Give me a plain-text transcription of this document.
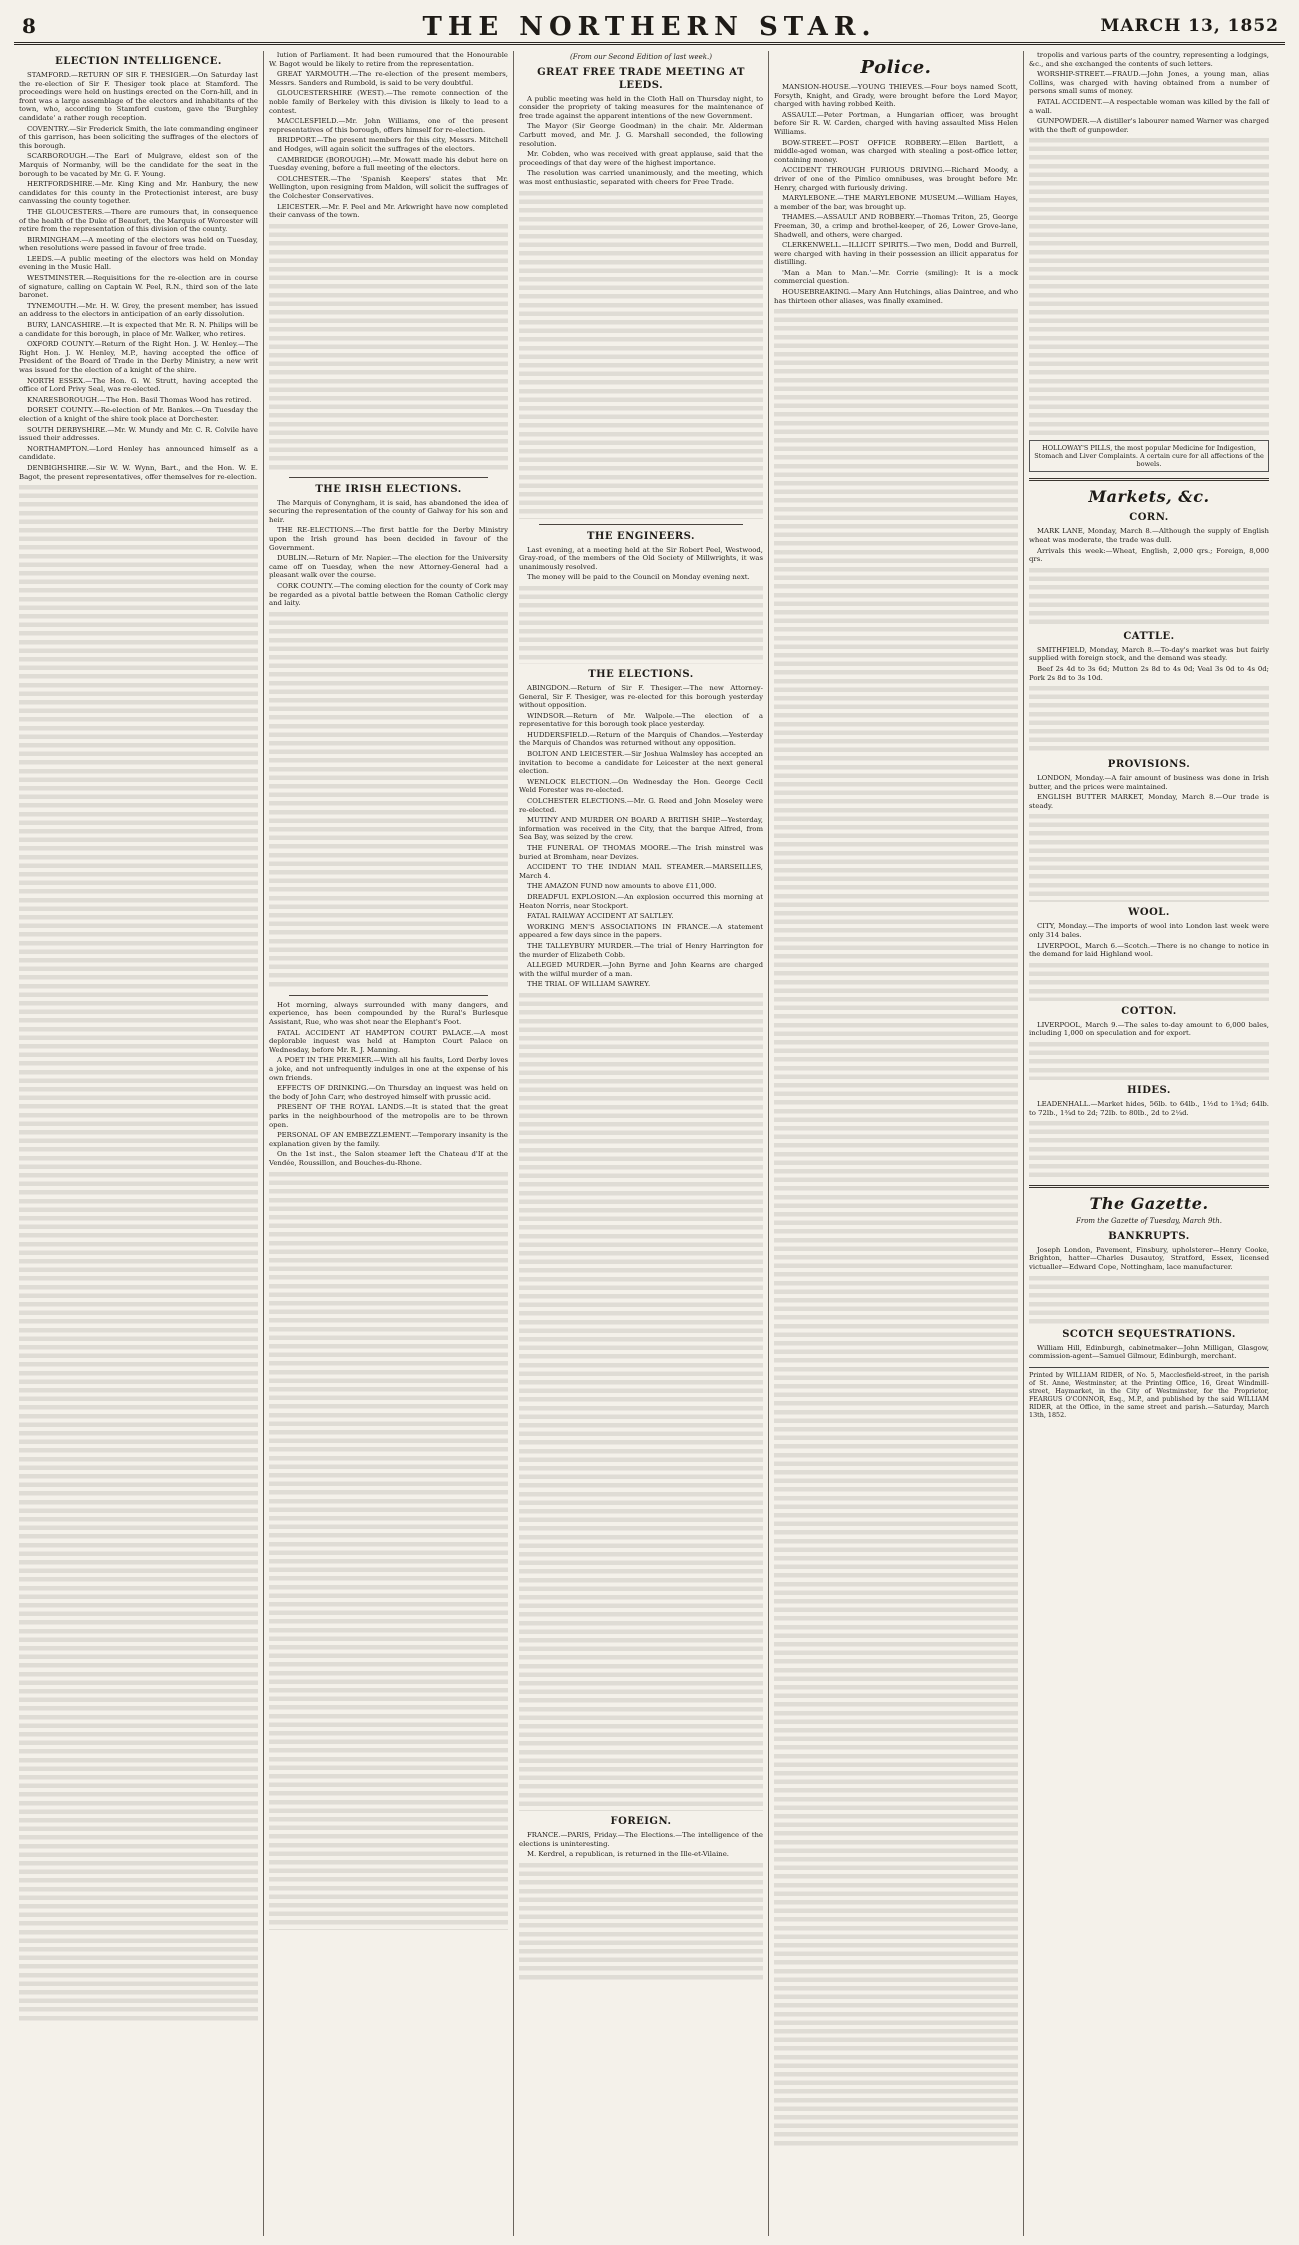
8	THE NORTHERN STAR.	MARCH 13, 1852
ELECTION INTELLIGENCE.

STAMFORD.—RETURN OF SIR F. THESIGER.—On Saturday last the re-election of Sir F. Thesiger took place at Stamford. The proceedings were held on hustings erected on the Corn-hill, and in front was a large assemblage of the electors and inhabitants of the town, who, according to Stamford custom, gave the 'Burghley candidate' a rather rough reception.

COVENTRY.—Sir Frederick Smith, the late commanding engineer of this garrison, has been soliciting the suffrages of the electors of this borough.

SCARBOROUGH.—The Earl of Mulgrave, eldest son of the Marquis of Normanby, will be the candidate for the seat in the borough to be vacated by Mr. G. F. Young.

HERTFORDSHIRE.—Mr. King King and Mr. Hanbury, the new candidates for this county in the Protectionist interest, are busy canvassing the county together.

THE GLOUCESTERS.—There are rumours that, in consequence of the health of the Duke of Beaufort, the Marquis of Worcester will retire from the representation of this division of the county.

BIRMINGHAM.—A meeting of the electors was held on Tuesday, when resolutions were passed in favour of free trade.

LEEDS.—A public meeting of the electors was held on Monday evening in the Music Hall.

WESTMINSTER.—Requisitions for the re-election are in course of signature, calling on Captain W. Peel, R.N., third son of the late baronet.

TYNEMOUTH.—Mr. H. W. Grey, the present member, has issued an address to the electors in anticipation of an early dissolution.

BURY, LANCASHIRE.—It is expected that Mr. R. N. Philips will be a candidate for this borough, in place of Mr. Walker, who retires.

OXFORD COUNTY.—Return of the Right Hon. J. W. Henley.—The Right Hon. J. W. Henley, M.P., having accepted the office of President of the Board of Trade in the Derby Ministry, a new writ was issued for the election of a knight of the shire.

NORTH ESSEX.—The Hon. G. W. Strutt, having accepted the office of Lord Privy Seal, was re-elected.

KNARESBOROUGH.—The Hon. Basil Thomas Wood has retired.

DORSET COUNTY.—Re-election of Mr. Bankes.—On Tuesday the election of a knight of the shire took place at Dorchester.

SOUTH DERBYSHIRE.—Mr. W. Mundy and Mr. C. R. Colvile have issued their addresses.

NORTHAMPTON.—Lord Henley has announced himself as a candidate.

DENBIGHSHIRE.—Sir W. W. Wynn, Bart., and the Hon. W. E. Bagot, the present representatives, offer themselves for re-election.

lution of Parliament. It had been rumoured that the Honourable W. Bagot would be likely to retire from the representation.

GREAT YARMOUTH.—The re-election of the present members, Messrs. Sanders and Rumbold, is said to be very doubtful.

GLOUCESTERSHIRE (WEST).—The remote connection of the noble family of Berkeley with this division is likely to lead to a contest.

MACCLESFIELD.—Mr. John Williams, one of the present representatives of this borough, offers himself for re-election.

BRIDPORT.—The present members for this city, Messrs. Mitchell and Hodges, will again solicit the suffrages of the electors.

CAMBRIDGE (BOROUGH).—Mr. Mowatt made his debut here on Tuesday evening, before a full meeting of the electors.

COLCHESTER.—The 'Spanish Keepers' states that Mr. Wellington, upon resigning from Maldon, will solicit the suffrages of the Colchester Conservatives.

LEICESTER.—Mr. F. Peel and Mr. Arkwright have now completed their canvass of the town.

THE IRISH ELECTIONS.

The Marquis of Conyngham, it is said, has abandoned the idea of securing the representation of the county of Galway for his son and heir.

THE RE-ELECTIONS.—The first battle for the Derby Ministry upon the Irish ground has been decided in favour of the Government.

DUBLIN.—Return of Mr. Napier.—The election for the University came off on Tuesday, when the new Attorney-General had a pleasant walk over the course.

CORK COUNTY.—The coming election for the county of Cork may be regarded as a pivotal battle between the Roman Catholic clergy and laity.

Hot morning, always surrounded with many dangers, and experience, has been compounded by the Rural's Burlesque Assistant, Rue, who was shot near the Elephant's Foot.

FATAL ACCIDENT AT HAMPTON COURT PALACE.—A most deplorable inquest was held at Hampton Court Palace on Wednesday, before Mr. R. J. Manning.

A POET IN THE PREMIER.—With all his faults, Lord Derby loves a joke, and not unfrequently indulges in one at the expense of his own friends.

EFFECTS OF DRINKING.—On Thursday an inquest was held on the body of John Carr, who destroyed himself with prussic acid.

PRESENT OF THE ROYAL LANDS.—It is stated that the great parks in the neighbourhood of the metropolis are to be thrown open.

PERSONAL OF AN EMBEZZLEMENT.—Temporary insanity is the explanation given by the family.

On the 1st inst., the Salon steamer left the Chateau d'If at the Vendée, Roussillon, and Bouches-du-Rhone.

(From our Second Edition of last week.)
GREAT FREE TRADE MEETING AT LEEDS.

A public meeting was held in the Cloth Hall on Thursday night, to consider the propriety of taking measures for the maintenance of free trade against the apparent intentions of the new Government.

The Mayor (Sir George Goodman) in the chair. Mr. Alderman Carbutt moved, and Mr. J. G. Marshall seconded, the following resolution.

Mr. Cobden, who was received with great applause, said that the proceedings of that day were of the highest importance.

The resolution was carried unanimously, and the meeting, which was most enthusiastic, separated with cheers for Free Trade.

THE ENGINEERS.

Last evening, at a meeting held at the Sir Robert Peel, Westwood, Gray-road, of the members of the Old Society of Millwrights, it was unanimously resolved.

The money will be paid to the Council on Monday evening next.

THE ELECTIONS.

ABINGDON.—Return of Sir F. Thesiger.—The new Attorney-General, Sir F. Thesiger, was re-elected for this borough yesterday without opposition.

WINDSOR.—Return of Mr. Walpole.—The election of a representative for this borough took place yesterday.

HUDDERSFIELD.—Return of the Marquis of Chandos.—Yesterday the Marquis of Chandos was returned without any opposition.

BOLTON AND LEICESTER.—Sir Joshua Walmsley has accepted an invitation to become a candidate for Leicester at the next general election.

WENLOCK ELECTION.—On Wednesday the Hon. George Cecil Weld Forester was re-elected.

COLCHESTER ELECTIONS.—Mr. G. Reed and John Moseley were re-elected.

MUTINY AND MURDER ON BOARD A BRITISH SHIP.—Yesterday, information was received in the City, that the barque Alfred, from Sea Bay, was seized by the crew.

THE FUNERAL OF THOMAS MOORE.—The Irish minstrel was buried at Bromham, near Devizes.

ACCIDENT TO THE INDIAN MAIL STEAMER.—MARSEILLES, March 4.

THE AMAZON FUND now amounts to above £11,000.

DREADFUL EXPLOSION.—An explosion occurred this morning at Heaton Norris, near Stockport.

FATAL RAILWAY ACCIDENT AT SALTLEY.

WORKING MEN'S ASSOCIATIONS IN FRANCE.—A statement appeared a few days since in the papers.

THE TALLEYBURY MURDER.—The trial of Henry Harrington for the murder of Elizabeth Cobb.

ALLEGED MURDER.—John Byrne and John Kearns are charged with the wilful murder of a man.

THE TRIAL OF WILLIAM SAWREY.

FOREIGN.

FRANCE.—PARIS, Friday.—The Elections.—The intelligence of the elections is uninteresting.

M. Kerdrel, a republican, is returned in the Ille-et-Vilaine.

Police.

MANSION-HOUSE.—YOUNG THIEVES.—Four boys named Scott, Forsyth, Knight, and Grady, were brought before the Lord Mayor, charged with having robbed Keith.

ASSAULT.—Peter Portman, a Hungarian officer, was brought before Sir R. W. Carden, charged with having assaulted Miss Helen Williams.

BOW-STREET.—POST OFFICE ROBBERY.—Ellen Bartlett, a middle-aged woman, was charged with stealing a post-office letter, containing money.

ACCIDENT THROUGH FURIOUS DRIVING.—Richard Moody, a driver of one of the Pimlico omnibuses, was brought before Mr. Henry, charged with furiously driving.

MARYLEBONE.—THE MARYLEBONE MUSEUM.—William Hayes, a member of the bar, was brought up.

THAMES.—ASSAULT AND ROBBERY.—Thomas Triton, 25, George Freeman, 30, a crimp and brothel-keeper, of 26, Lower Grove-lane, Shadwell, and others, were charged.

CLERKENWELL.—ILLICIT SPIRITS.—Two men, Dodd and Burrell, were charged with having in their possession an illicit apparatus for distilling.

'Man a Man to Man.'—Mr. Corrie (smiling): It is a mock commercial question.

HOUSEBREAKING.—Mary Ann Hutchings, alias Daintree, and who has thirteen other aliases, was finally examined.

tropolis and various parts of the country, representing a lodgings, &c., and she exchanged the contents of such letters.

WORSHIP-STREET.—FRAUD.—John Jones, a young man, alias Collins, was charged with having obtained from a number of persons small sums of money.

FATAL ACCIDENT.—A respectable woman was killed by the fall of a wall.

GUNPOWDER.—A distiller's labourer named Warner was charged with the theft of gunpowder.

HOLLOWAY'S PILLS, the most popular Medicine for Indigestion, Stomach and Liver Complaints. A certain cure for all affections of the bowels.
Markets, &c.
CORN.

MARK LANE, Monday, March 8.—Although the supply of English wheat was moderate, the trade was dull.

Arrivals this week:—Wheat, English, 2,000 qrs.; Foreign, 8,000 qrs.

CATTLE.

SMITHFIELD, Monday, March 8.—To-day's market was but fairly supplied with foreign stock, and the demand was steady.

Beef 2s 4d to 3s 6d; Mutton 2s 8d to 4s 0d; Veal 3s 0d to 4s 0d; Pork 2s 8d to 3s 10d.

PROVISIONS.

LONDON, Monday.—A fair amount of business was done in Irish butter, and the prices were maintained.

ENGLISH BUTTER MARKET, Monday, March 8.—Our trade is steady.

WOOL.

CITY, Monday.—The imports of wool into London last week were only 314 bales.

LIVERPOOL, March 6.—Scotch.—There is no change to notice in the demand for laid Highland wool.

COTTON.

LIVERPOOL, March 9.—The sales to-day amount to 6,000 bales, including 1,000 on speculation and for export.

HIDES.

LEADENHALL.—Market hides, 56lb. to 64lb., 1½d to 1¾d; 64lb. to 72lb., 1¾d to 2d; 72lb. to 80lb., 2d to 2¼d.

The Gazette.
From the Gazette of Tuesday, March 9th.
BANKRUPTS.

Joseph London, Pavement, Finsbury, upholsterer—Henry Cooke, Brighton, hatter—Charles Dusautoy, Stratford, Essex, licensed victualler—Edward Cope, Nottingham, lace manufacturer.

SCOTCH SEQUESTRATIONS.

William Hill, Edinburgh, cabinetmaker—John Milligan, Glasgow, commission-agent—Samuel Gilmour, Edinburgh, merchant.

Printed by WILLIAM RIDER, of No. 5, Macclesfield-street, in the parish of St. Anne, Westminster, at the Printing Office, 16, Great Windmill-street, Haymarket, in the City of Westminster, for the Proprietor, FEARGUS O'CONNOR, Esq., M.P., and published by the said WILLIAM RIDER, at the Office, in the same street and parish.—Saturday, March 13th, 1852.
